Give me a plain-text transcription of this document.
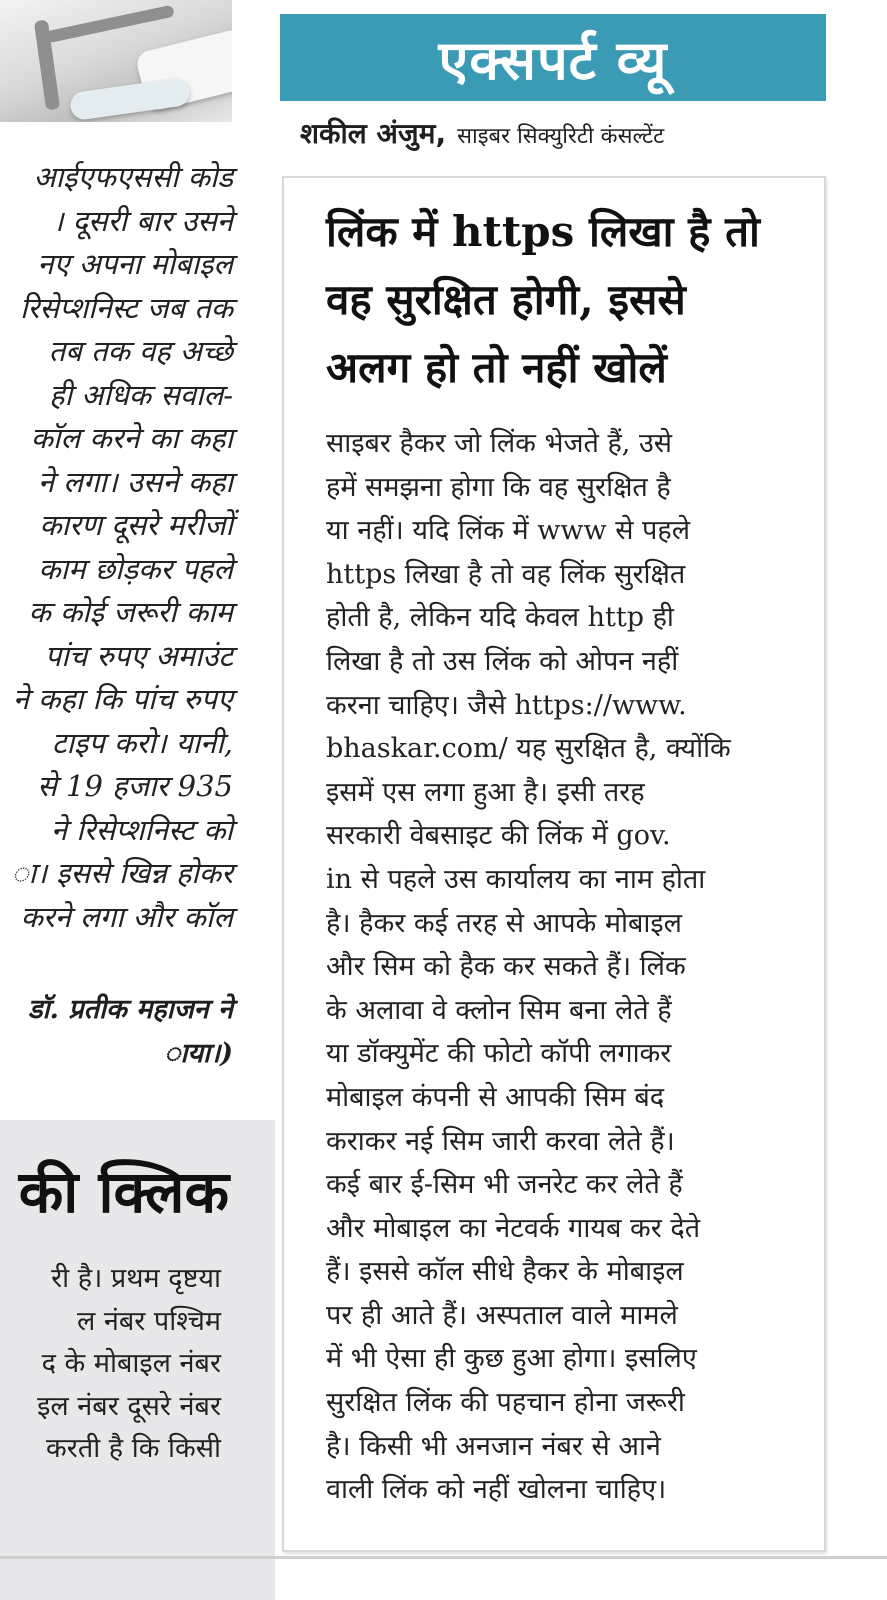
आईएफएससी कोड
। दूसरी बार उसने
नए अपना मोबाइल
रिसेप्शनिस्ट जब तक
तब तक वह अच्छे
ही अधिक सवाल-
कॉल करने का कहा
ने लगा। उसने कहा
कारण दूसरे मरीजों
काम छोड़कर पहले
क कोई जरूरी काम
पांच रुपए अमाउंट
ने कहा कि पांच रुपए
टाइप करो। यानी,
से 19 हजार 935
ने रिसेप्शनिस्ट को
ा। इससे खिन्न होकर
करने लगा और कॉल
डॉ. प्रतीक महाजन ने
ाया।)
की क्लिक
री है। प्रथम दृष्टया
ल नंबर पश्चिम
द के मोबाइल नंबर
इल नंबर दूसरे नंबर
करती है कि किसी
एक्सपर्ट व्यू
शकील अंजुम, साइबर सिक्युरिटी कंसल्टेंट
लिंक में https लिखा है तो
वह सुरक्षित होगी, इससे
अलग हो तो नहीं खोलें
साइबर हैकर जो लिंक भेजते हैं, उसे
हमें समझना होगा कि वह सुरक्षित है
या नहीं। यदि लिंक में www से पहले
https लिखा है तो वह लिंक सुरक्षित
होती है, लेकिन यदि केवल http ही
लिखा है तो उस लिंक को ओपन नहीं
करना चाहिए। जैसे https://www.
bhaskar.com/ यह सुरक्षित है, क्योंकि
इसमें एस लगा हुआ है। इसी तरह
सरकारी वेबसाइट की लिंक में gov.
in से पहले उस कार्यालय का नाम होता
है। हैकर कई तरह से आपके मोबाइल
और सिम को हैक कर सकते हैं। लिंक
के अलावा वे क्लोन सिम बना लेते हैं
या डॉक्युमेंट की फोटो कॉपी लगाकर
मोबाइल कंपनी से आपकी सिम बंद
कराकर नई सिम जारी करवा लेते हैं।
कई बार ई-सिम भी जनरेट कर लेते हैं
और मोबाइल का नेटवर्क गायब कर देते
हैं। इससे कॉल सीधे हैकर के मोबाइल
पर ही आते हैं। अस्पताल वाले मामले
में भी ऐसा ही कुछ हुआ होगा। इसलिए
सुरक्षित लिंक की पहचान होना जरूरी
है। किसी भी अनजान नंबर से आने
वाली लिंक को नहीं खोलना चाहिए।
